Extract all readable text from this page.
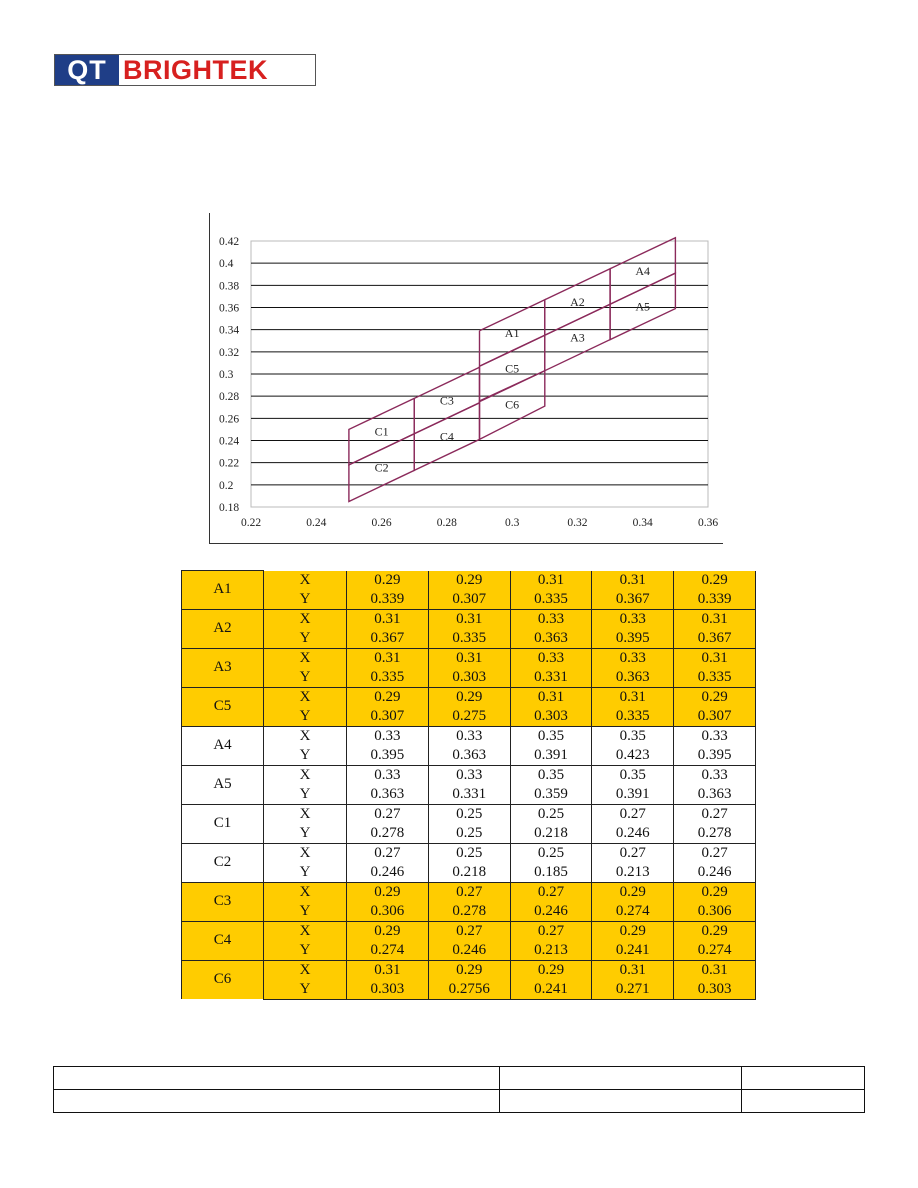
QT BRIGHTEK
0.18
0.2
0.22
0.24
0.26
0.28
0.3
0.32
0.34
0.36
0.38
0.4
0.42
0.22	0.24	0.26	0.28	0.3	0.32	0.34	0.36
A1
A2
A3
C5
A4
A5
C1
C2
C3
C4
C6
A1	X	0.29	0.29	0.31	0.31	0.29
	Y	0.339	0.307	0.335	0.367	0.339
A2	X	0.31	0.31	0.33	0.33	0.31
	Y	0.367	0.335	0.363	0.395	0.367
A3	X	0.31	0.31	0.33	0.33	0.31
	Y	0.335	0.303	0.331	0.363	0.335
C5	X	0.29	0.29	0.31	0.31	0.29
	Y	0.307	0.275	0.303	0.335	0.307
A4	X	0.33	0.33	0.35	0.35	0.33
	Y	0.395	0.363	0.391	0.423	0.395
A5	X	0.33	0.33	0.35	0.35	0.33
	Y	0.363	0.331	0.359	0.391	0.363
C1	X	0.27	0.25	0.25	0.27	0.27
	Y	0.278	0.25	0.218	0.246	0.278
C2	X	0.27	0.25	0.25	0.27	0.27
	Y	0.246	0.218	0.185	0.213	0.246
C3	X	0.29	0.27	0.27	0.29	0.29
	Y	0.306	0.278	0.246	0.274	0.306
C4	X	0.29	0.27	0.27	0.29	0.29
	Y	0.274	0.246	0.213	0.241	0.274
C6	X	0.31	0.29	0.29	0.31	0.31
	Y	0.303	0.2756	0.241	0.271	0.303
